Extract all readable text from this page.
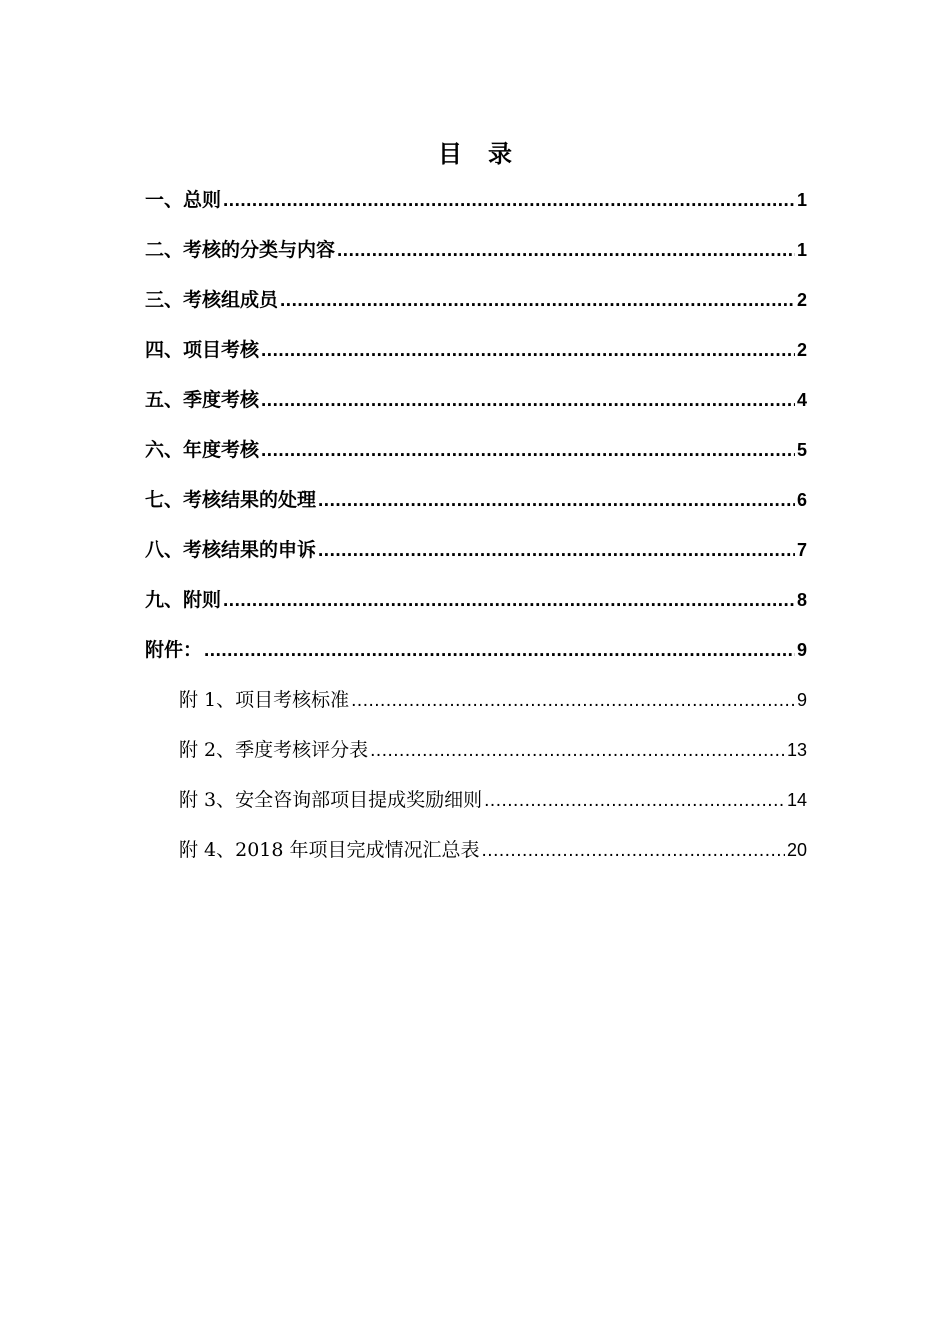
目录
一、总则 .....	1
二、考核的分类与内容 .....	1
三、考核组成员 .....	2
四、项目考核 .....	2
五、季度考核 .....	4
六、年度考核 .....	5
七、考核结果的处理 .....	6
八、考核结果的申诉 .....	7
九、附则 .....	8
附件： .....	9
附 1、项目考核标准 .....	9
附 2、季度考核评分表 .....	13
附 3、安全咨询部项目提成奖励细则 .....	14
附 4、2018 年项目完成情况汇总表 .....	20
